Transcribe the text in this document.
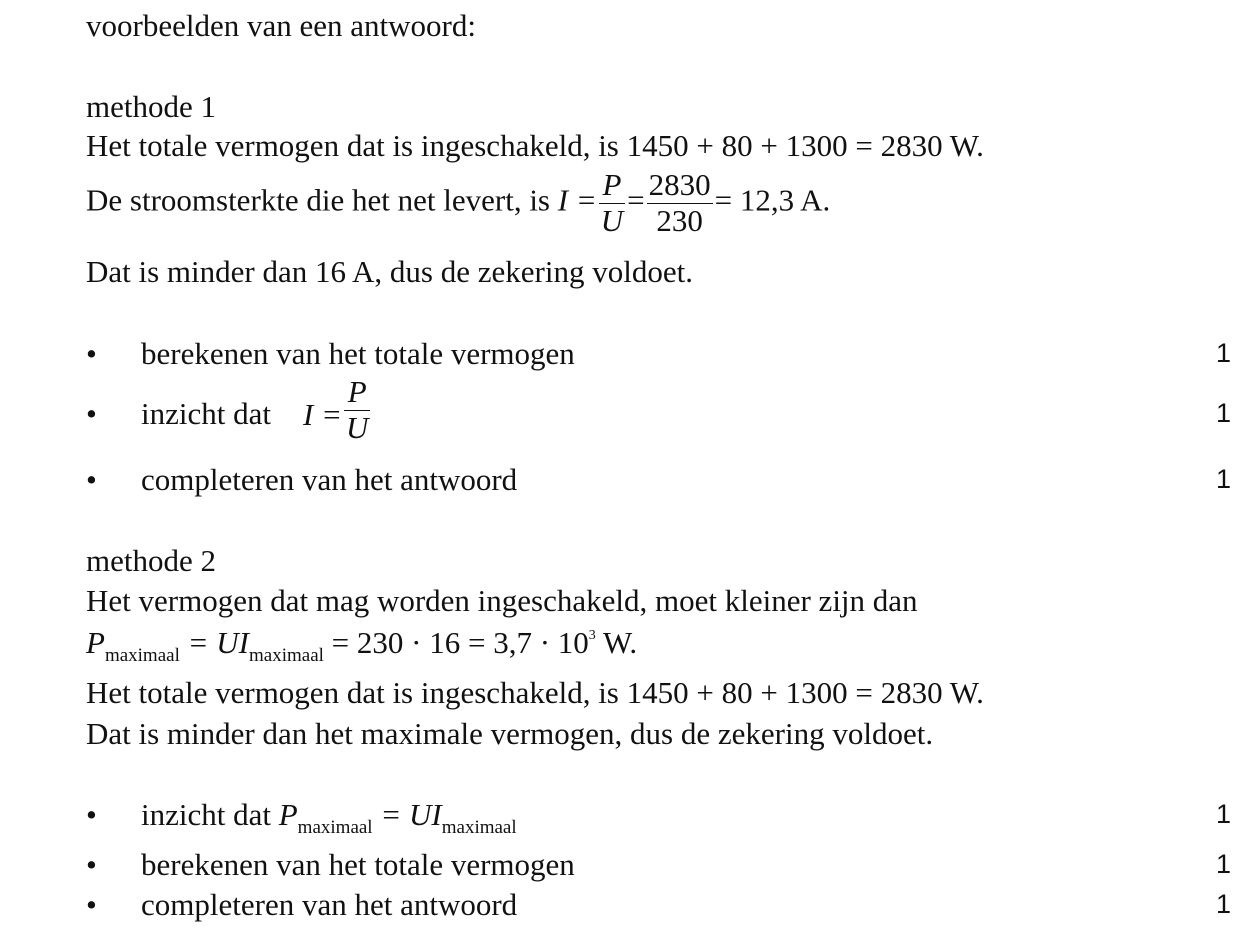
voorbeelden van een antwoord:
methode 1
Het totale vermogen dat is ingeschakeld, is 1450 + 80 + 1300 = 2830 W.
De stroomsterkte die het net levert, is $I = \frac{P}{U} = \frac{2830}{230} = 12,3$ A.
Dat is minder dan 16 A, dus de zekering voldoet.
• berekenen van het totale vermogen	1
• inzicht dat $I = \frac{P}{U}$	1
• completeren van het antwoord	1
methode 2
Het vermogen dat mag worden ingeschakeld, moet kleiner zijn dan
$P_{maximaal} = UI_{maximaal} = 230 \cdot 16 = 3,7 \cdot 10^3$ W.
Het totale vermogen dat is ingeschakeld, is 1450 + 80 + 1300 = 2830 W.
Dat is minder dan het maximale vermogen, dus de zekering voldoet.
• inzicht dat $P_{maximaal} = UI_{maximaal}$	1
• berekenen van het totale vermogen	1
• completeren van het antwoord	1
